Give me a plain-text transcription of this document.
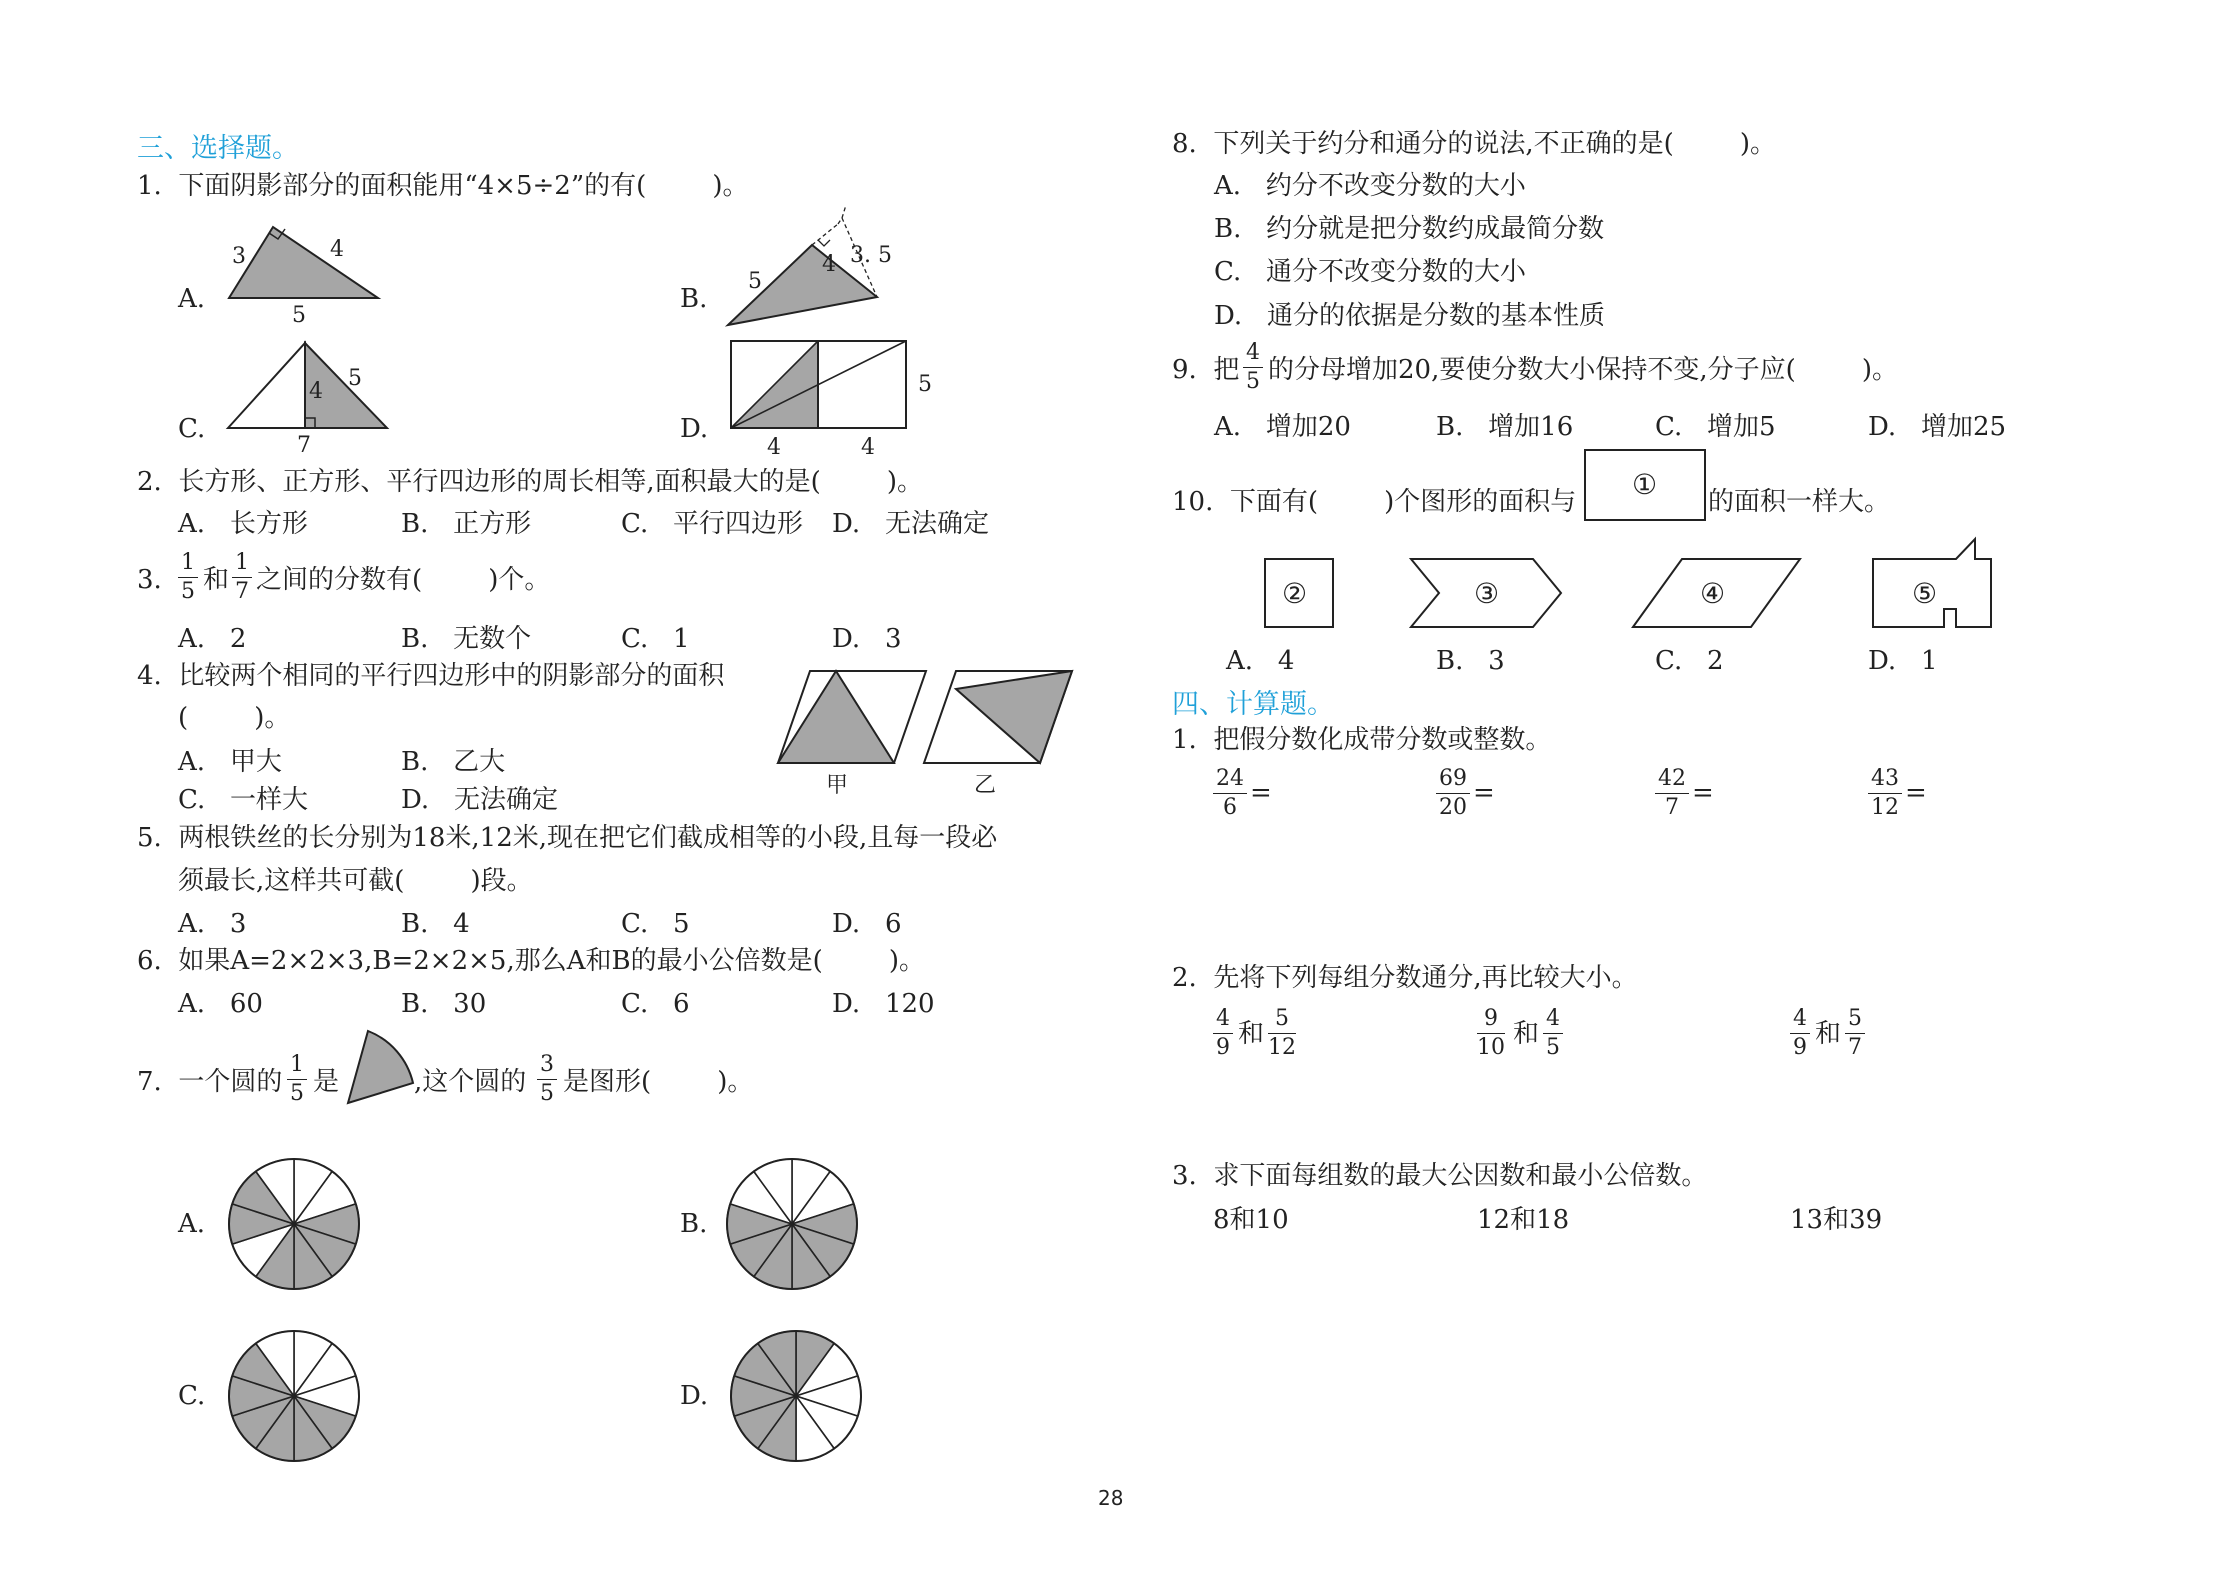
三、选择题。
1.  下面阴影部分的面积能用“4×5÷2”的有(        )。
A.	B.
C.	D.
3	4
5
5
4 3. 5
4
5
7
5
4	4
甲	乙
2.  长方形、正方形、平行四边形的周长相等,面积最大的是(        )。
A.   长方形	B.   正方形	C.   平行四边形 D.   无法确定
3.
1
5 和
1
7 之间的分数有(        )个。
A.   2	B.   无数个	C.   1	D.   3
4.  比较两个相同的平行四边形中的阴影部分的面积
(        )。
A.   甲大	B.   乙大
C.   一样大	D.   无法确定
5.  两根铁丝的长分别为18米,12米,现在把它们截成相等的小段,且每一段必
须最长,这样共可截(        )段。
A.   3	B.   4	C.   5	D.   6
6.  如果A=2×2×3,B=2×2×5,那么A和B的最小公倍数是(        )。
A.   60	B.   30	C.   6	D.   120
7.  一个圆的
1
5 是	,这个圆的
3
5 是图形(        )。
A.	B.
C.	D.
8.  下列关于约分和通分的说法,不正确的是(        )。
A.   约分不改变分数的大小
B.   约分就是把分数约成最简分数
C.   通分不改变分数的大小
D.   通分的依据是分数的基本性质
9.  把
4
5 的分母增加20,要使分数大小保持不变,分子应(        )。
A.   增加20	B.   增加16	C.   增加5	D.   增加25
10.  下面有(        )个图形的面积与
①
的面积一样大。
②	③	④	⑤
A.   4	B.   3	C.   2	D.   1
四、计算题。
1.  把假分数化成带分数或整数。
24
6 =	69
20 =	42
7 =	43
12 =
2.  先将下列每组分数通分,再比较大小。
4
9 和
5
12
9
10 和
4
5
4
9 和
5
7
3.  求下面每组数的最大公因数和最小公倍数。
8和10	12和18	13和39
28
